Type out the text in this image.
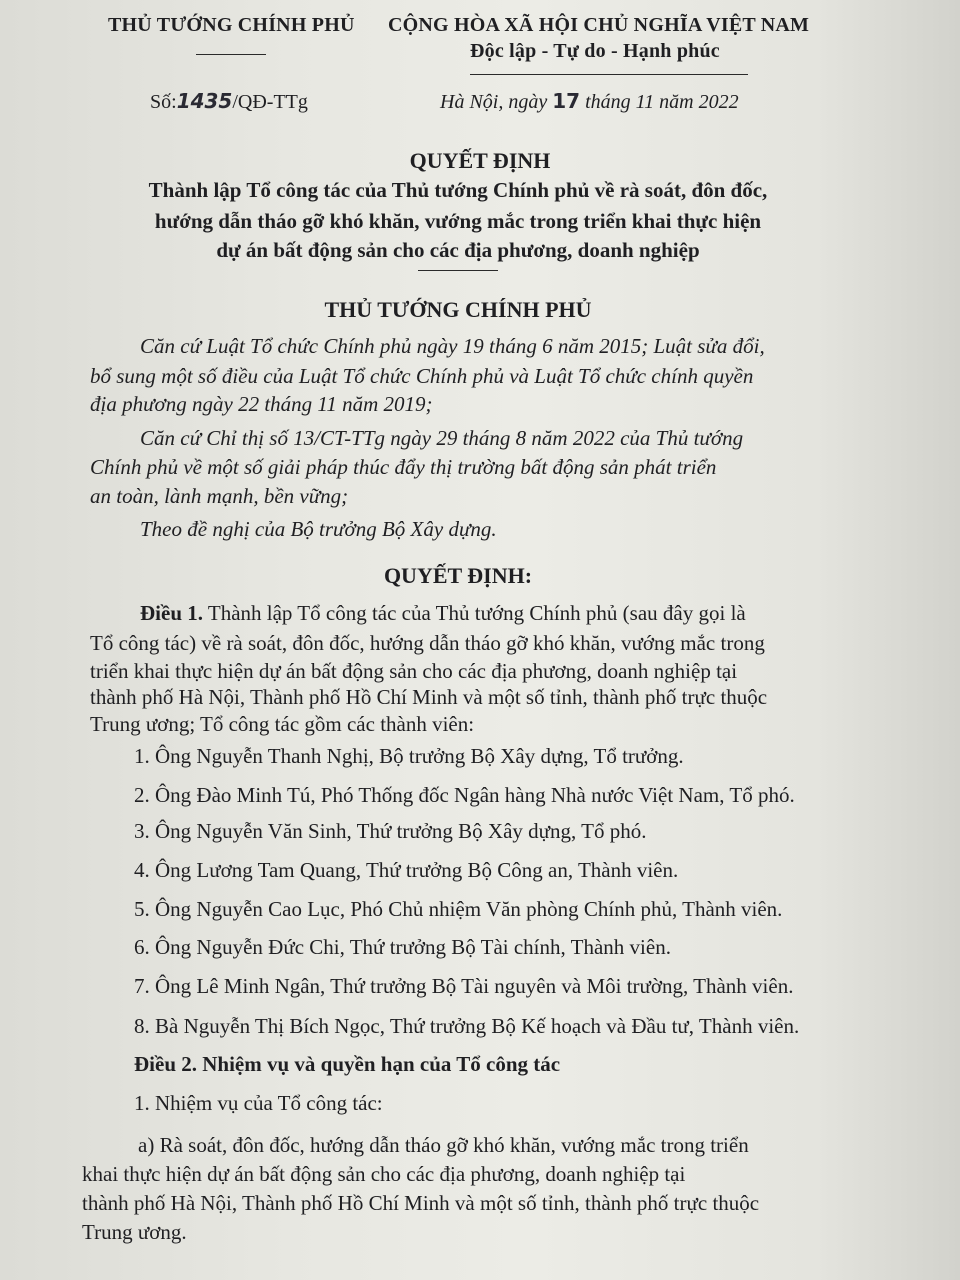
THỦ TƯỚNG CHÍNH PHỦ CỘNG HÒA XÃ HỘI CHỦ NGHĨA VIỆT NAM
Độc lập - Tự do - Hạnh phúc
Số:1435/QĐ-TTg	Hà Nội, ngày 17 tháng 11 năm 2022
QUYẾT ĐỊNH
Thành lập Tổ công tác của Thủ tướng Chính phủ về rà soát, đôn đốc,
hướng dẫn tháo gỡ khó khăn, vướng mắc trong triển khai thực hiện
dự án bất động sản cho các địa phương, doanh nghiệp
THỦ TƯỚNG CHÍNH PHỦ
Căn cứ Luật Tổ chức Chính phủ ngày 19 tháng 6 năm 2015; Luật sửa đổi,
bổ sung một số điều của Luật Tổ chức Chính phủ và Luật Tổ chức chính quyền
địa phương ngày 22 tháng 11 năm 2019;
Căn cứ Chỉ thị số 13/CT-TTg ngày 29 tháng 8 năm 2022 của Thủ tướng
Chính phủ về một số giải pháp thúc đẩy thị trường bất động sản phát triển
an toàn, lành mạnh, bền vững;
Theo đề nghị của Bộ trưởng Bộ Xây dựng.
QUYẾT ĐỊNH:
Điều 1. Thành lập Tổ công tác của Thủ tướng Chính phủ (sau đây gọi là
Tổ công tác) về rà soát, đôn đốc, hướng dẫn tháo gỡ khó khăn, vướng mắc trong
triển khai thực hiện dự án bất động sản cho các địa phương, doanh nghiệp tại
thành phố Hà Nội, Thành phố Hồ Chí Minh và một số tỉnh, thành phố trực thuộc
Trung ương; Tổ công tác gồm các thành viên:
1. Ông Nguyễn Thanh Nghị, Bộ trưởng Bộ Xây dựng, Tổ trưởng.
2. Ông Đào Minh Tú, Phó Thống đốc Ngân hàng Nhà nước Việt Nam, Tổ phó.
3. Ông Nguyễn Văn Sinh, Thứ trưởng Bộ Xây dựng, Tổ phó.
4. Ông Lương Tam Quang, Thứ trưởng Bộ Công an, Thành viên.
5. Ông Nguyễn Cao Lục, Phó Chủ nhiệm Văn phòng Chính phủ, Thành viên.
6. Ông Nguyễn Đức Chi, Thứ trưởng Bộ Tài chính, Thành viên.
7. Ông Lê Minh Ngân, Thứ trưởng Bộ Tài nguyên và Môi trường, Thành viên.
8. Bà Nguyễn Thị Bích Ngọc, Thứ trưởng Bộ Kế hoạch và Đầu tư, Thành viên.
Điều 2. Nhiệm vụ và quyền hạn của Tổ công tác
1. Nhiệm vụ của Tổ công tác:
a) Rà soát, đôn đốc, hướng dẫn tháo gỡ khó khăn, vướng mắc trong triển
khai thực hiện dự án bất động sản cho các địa phương, doanh nghiệp tại
thành phố Hà Nội, Thành phố Hồ Chí Minh và một số tỉnh, thành phố trực thuộc
Trung ương.
